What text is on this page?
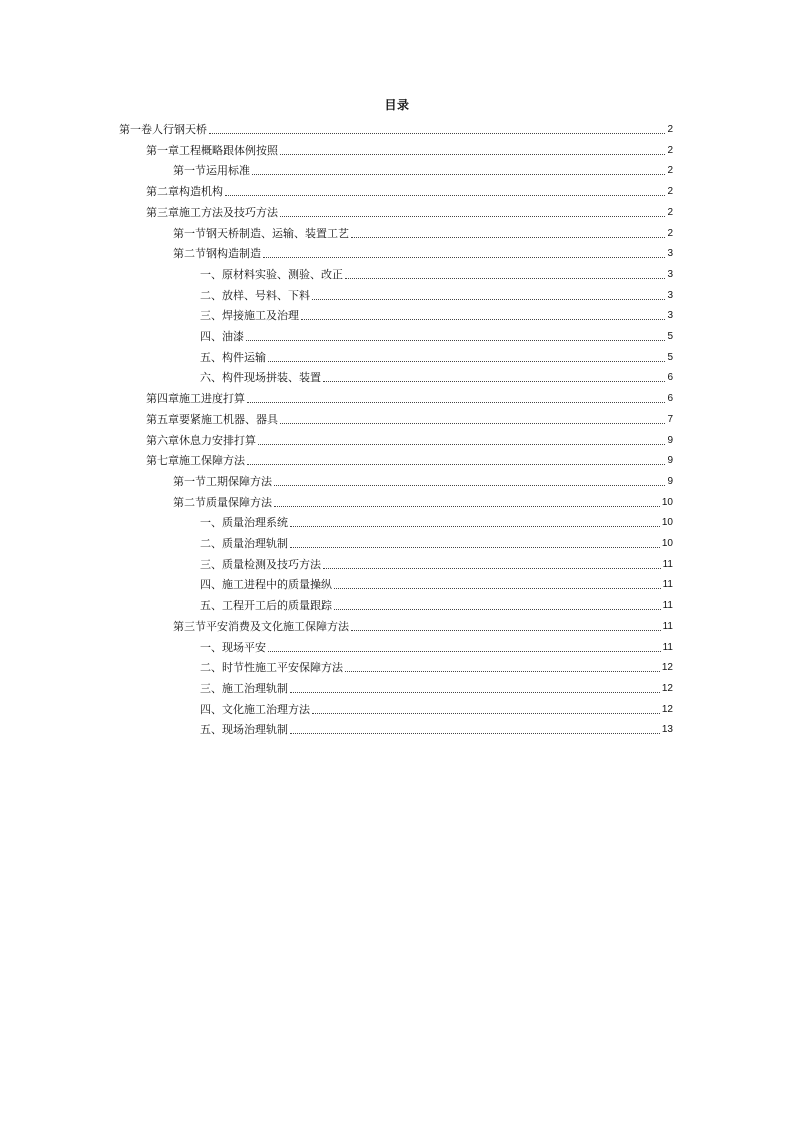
目录
第一卷人行钢天桥	2
第一章工程概略跟体例按照	2
第一节运用标准	2
第二章构造机构	2
第三章施工方法及技巧方法	2
第一节钢天桥制造、运输、装置工艺	2
第二节钢构造制造	3
一、原材料实验、测验、改正	3
二、放样、号料、下料	3
三、焊接施工及治理	3
四、油漆	5
五、构件运输	5
六、构件现场拼装、装置	6
第四章施工进度打算	6
第五章要紧施工机器、器具	7
第六章休息力安排打算	9
第七章施工保障方法	9
第一节工期保障方法	9
第二节质量保障方法	10
一、质量治理系统	10
二、质量治理轨制	10
三、质量检测及技巧方法	11
四、施工进程中的质量操纵	11
五、工程开工后的质量跟踪	11
第三节平安消费及文化施工保障方法	11
一、现场平安	11
二、时节性施工平安保障方法	12
三、施工治理轨制	12
四、文化施工治理方法	12
五、现场治理轨制	13
